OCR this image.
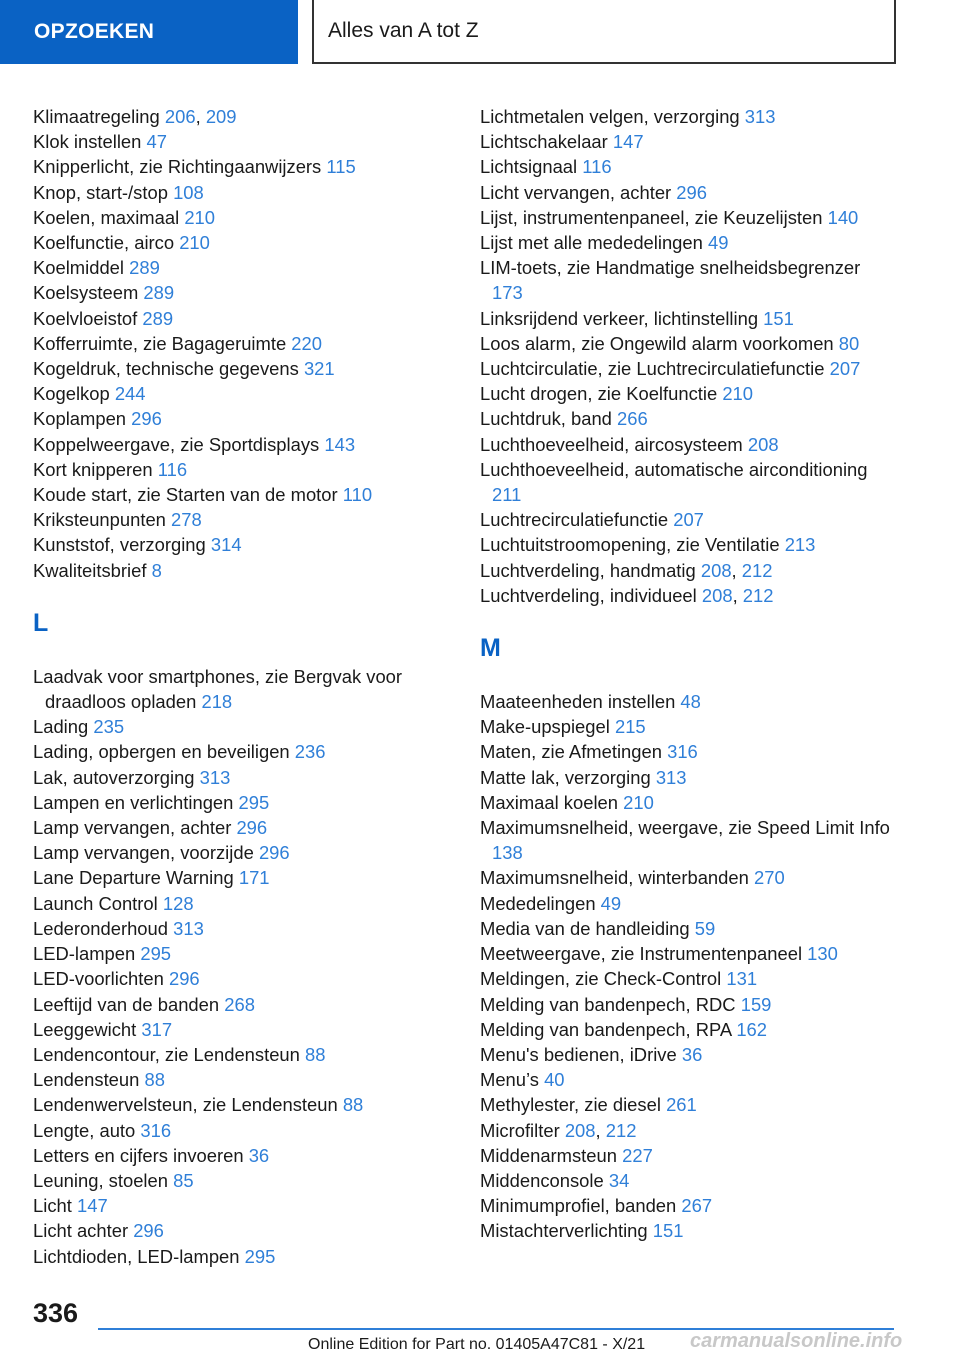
OPZOEKEN	Alles van A tot Z
Klimaatregeling 206, 209
Klok instellen 47
Knipperlicht, zie Richtingaanwijzers 115
Knop, start-/stop 108
Koelen, maximaal 210
Koelfunctie, airco 210
Koelmiddel 289
Koelsysteem 289
Koelvloeistof 289
Kofferruimte, zie Bagageruimte 220
Kogeldruk, technische gegevens 321
Kogelkop 244
Koplampen 296
Koppelweergave, zie Sportdisplays 143
Kort knipperen 116
Koude start, zie Starten van de motor 110
Kriksteunpunten 278
Kunststof, verzorging 314
Kwaliteitsbrief 8
L
Laadvak voor smartphones, zie Bergvak voor draadloos opladen 218
Lading 235
Lading, opbergen en beveiligen 236
Lak, autoverzorging 313
Lampen en verlichtingen 295
Lamp vervangen, achter 296
Lamp vervangen, voorzijde 296
Lane Departure Warning 171
Launch Control 128
Lederonderhoud 313
LED-lampen 295
LED-voorlichten 296
Leeftijd van de banden 268
Leeggewicht 317
Lendencontour, zie Lendensteun 88
Lendensteun 88
Lendenwervelsteun, zie Lendensteun 88
Lengte, auto 316
Letters en cijfers invoeren 36
Leuning, stoelen 85
Licht 147
Licht achter 296
Lichtdioden, LED-lampen 295
Lichtmetalen velgen, verzorging 313
Lichtschakelaar 147
Lichtsignaal 116
Licht vervangen, achter 296
Lijst, instrumentenpaneel, zie Keuzelijsten 140
Lijst met alle mededelingen 49
LIM-toets, zie Handmatige snelheidsbegrenzer 173
Linksrijdend verkeer, lichtinstelling 151
Loos alarm, zie Ongewild alarm voorkomen 80
Luchtcirculatie, zie Luchtrecirculatiefunctie 207
Lucht drogen, zie Koelfunctie 210
Luchtdruk, band 266
Luchthoeveelheid, aircosysteem 208
Luchthoeveelheid, automatische airconditioning 211
Luchtrecirculatiefunctie 207
Luchtuitstroomopening, zie Ventilatie 213
Luchtverdeling, handmatig 208, 212
Luchtverdeling, individueel 208, 212
M
Maateenheden instellen 48
Make-upspiegel 215
Maten, zie Afmetingen 316
Matte lak, verzorging 313
Maximaal koelen 210
Maximumsnelheid, weergave, zie Speed Limit Info 138
Maximumsnelheid, winterbanden 270
Mededelingen 49
Media van de handleiding 59
Meetweergave, zie Instrumentenpaneel 130
Meldingen, zie Check-Control 131
Melding van bandenpech, RDC 159
Melding van bandenpech, RPA 162
Menu's bedienen, iDrive 36
Menu’s 40
Methylester, zie diesel 261
Microfilter 208, 212
Middenarmsteun 227
Middenconsole 34
Minimumprofiel, banden 267
Mistachterverlichting 151
336
Online Edition for Part no. 01405A47C81 - X/21 carmanualsonline.info
